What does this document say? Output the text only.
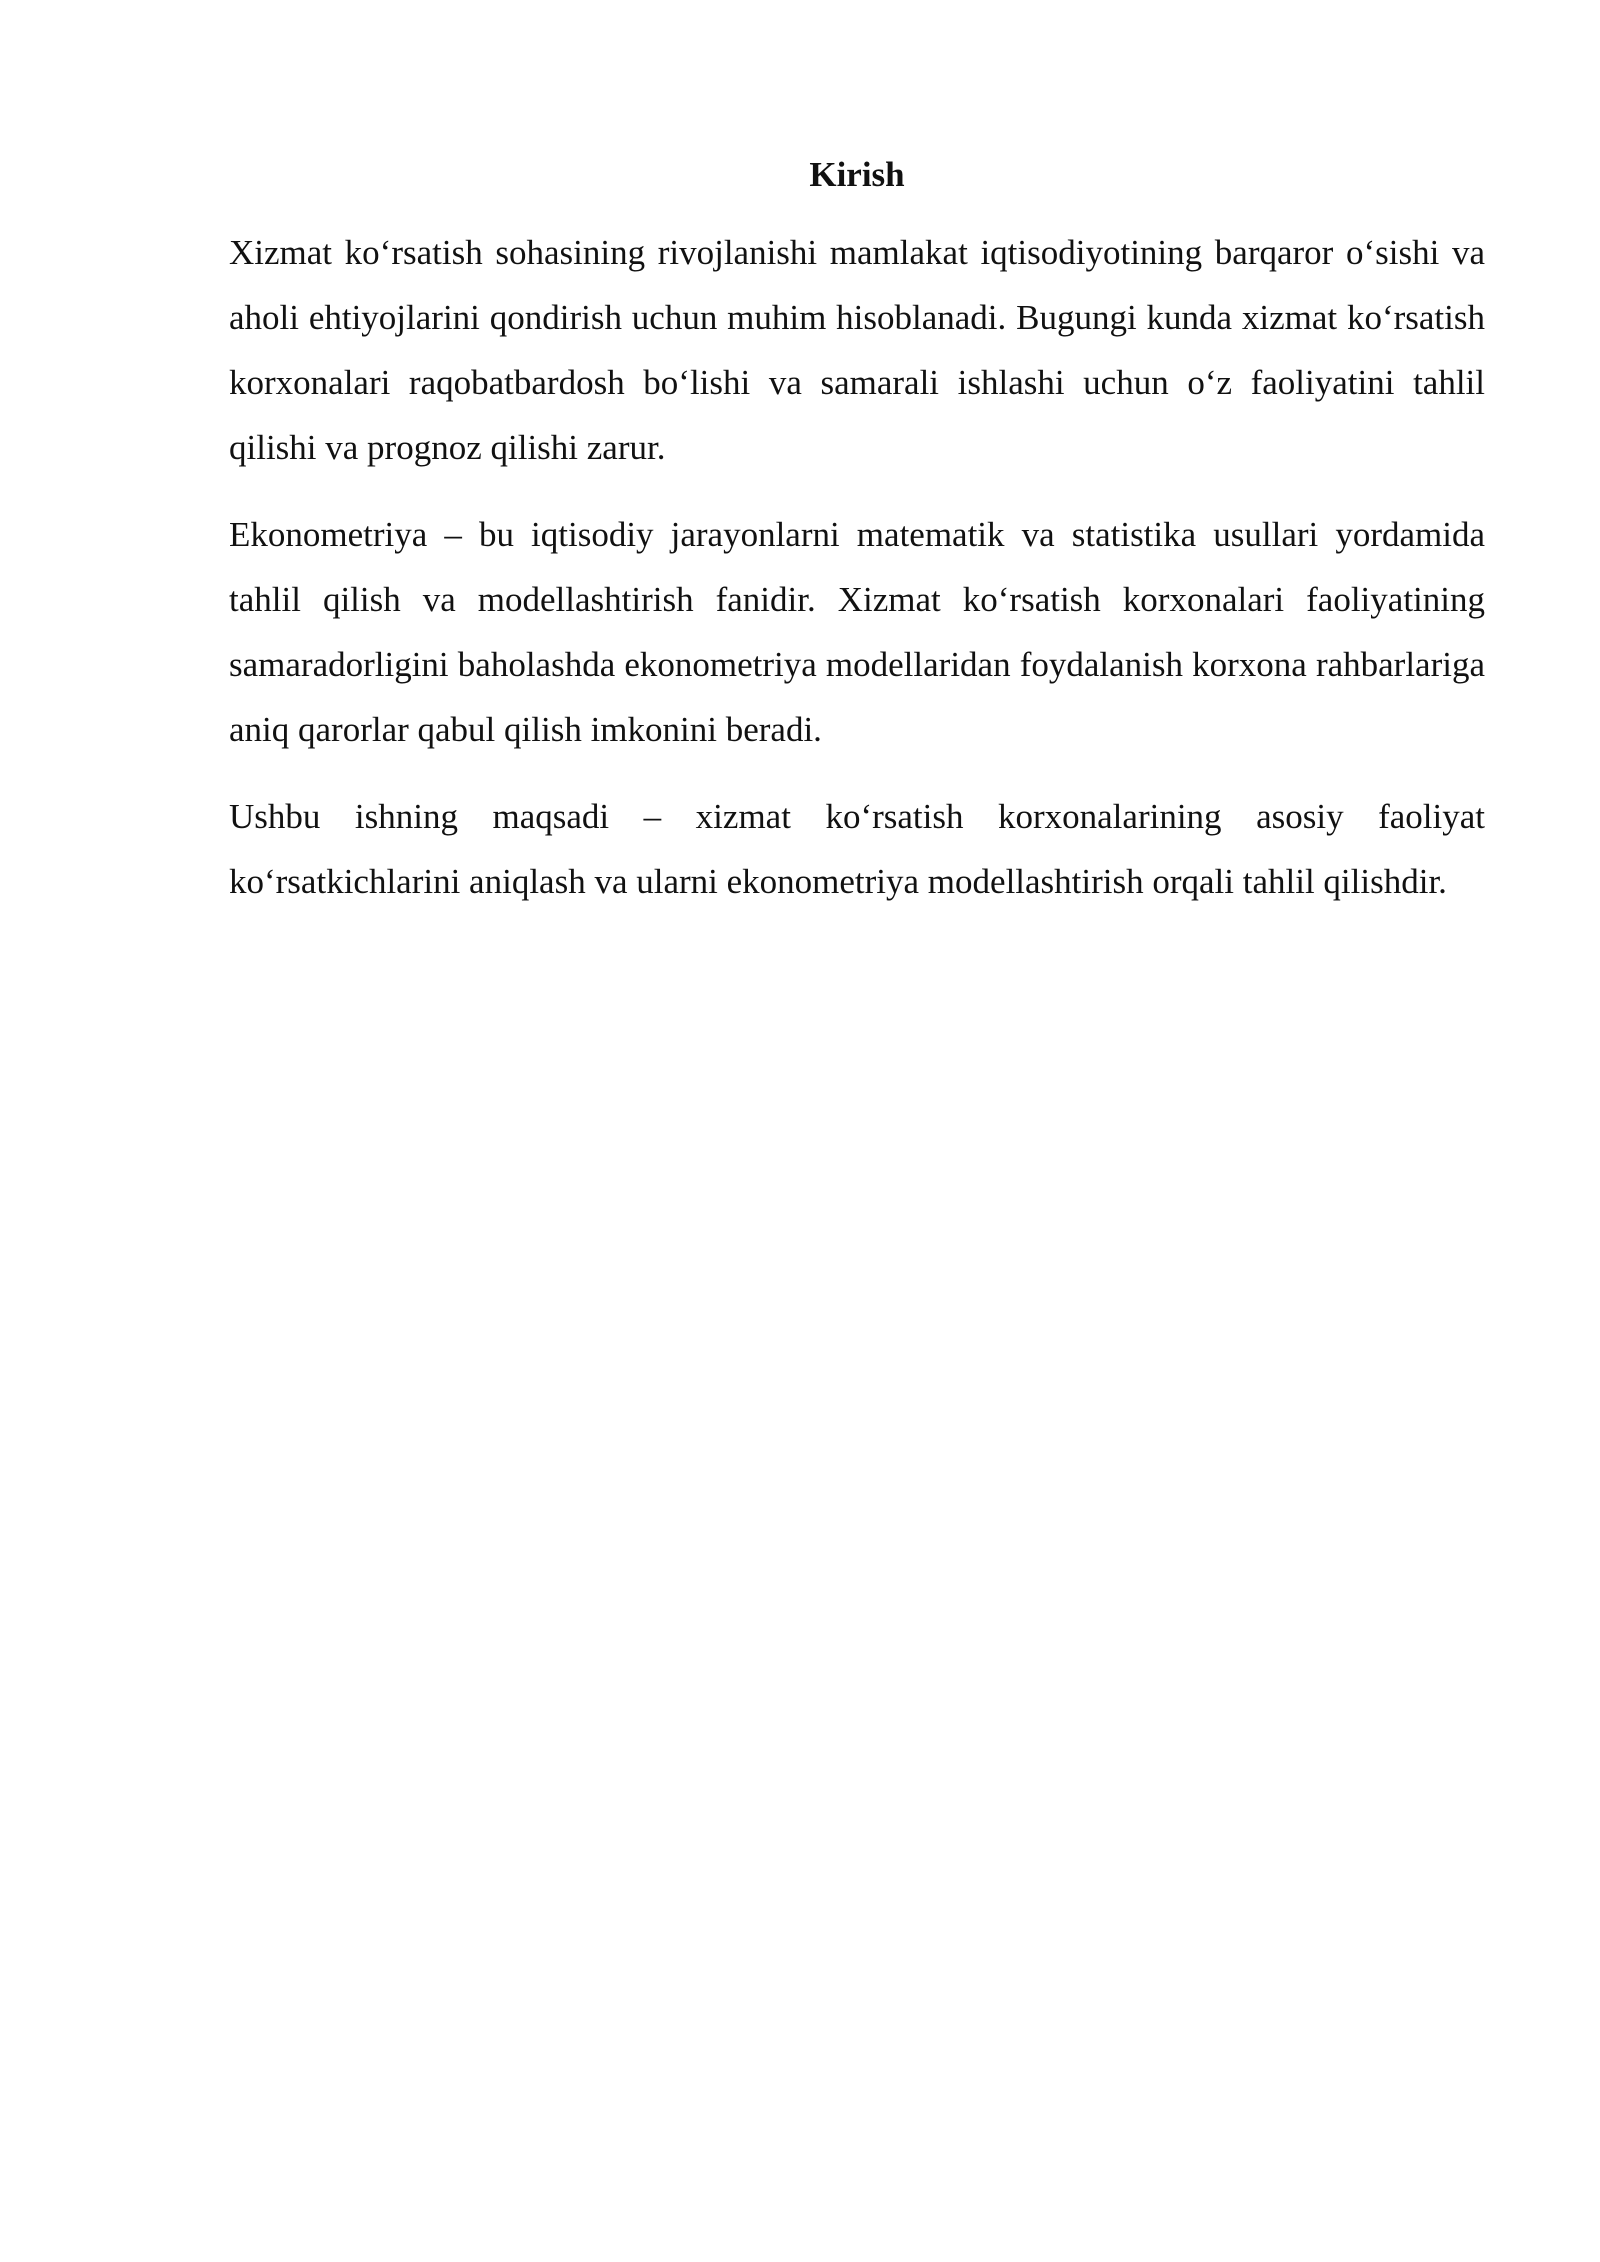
Kirish

Xizmat ko‘rsatish sohasining rivojlanishi mamlakat iqtisodiyotining barqaror o‘sishi va aholi ehtiyojlarini qondirish uchun muhim hisoblanadi. Bugungi kunda xizmat ko‘rsatish korxonalari raqobatbardosh bo‘lishi va samarali ishlashi uchun o‘z faoliyatini tahlil qilishi va prognoz qilishi zarur.

Ekonometriya – bu iqtisodiy jarayonlarni matematik va statistika usullari yordamida tahlil qilish va modellashtirish fanidir. Xizmat ko‘rsatish korxonalari faoliyatining samaradorligini baholashda ekonometriya modellaridan foydalanish korxona rahbarlariga aniq qarorlar qabul qilish imkonini beradi.

Ushbu ishning maqsadi – xizmat ko‘rsatish korxonalarining asosiy faoliyat ko‘rsatkichlarini aniqlash va ularni ekonometriya modellashtirish orqali tahlil qilishdir.
